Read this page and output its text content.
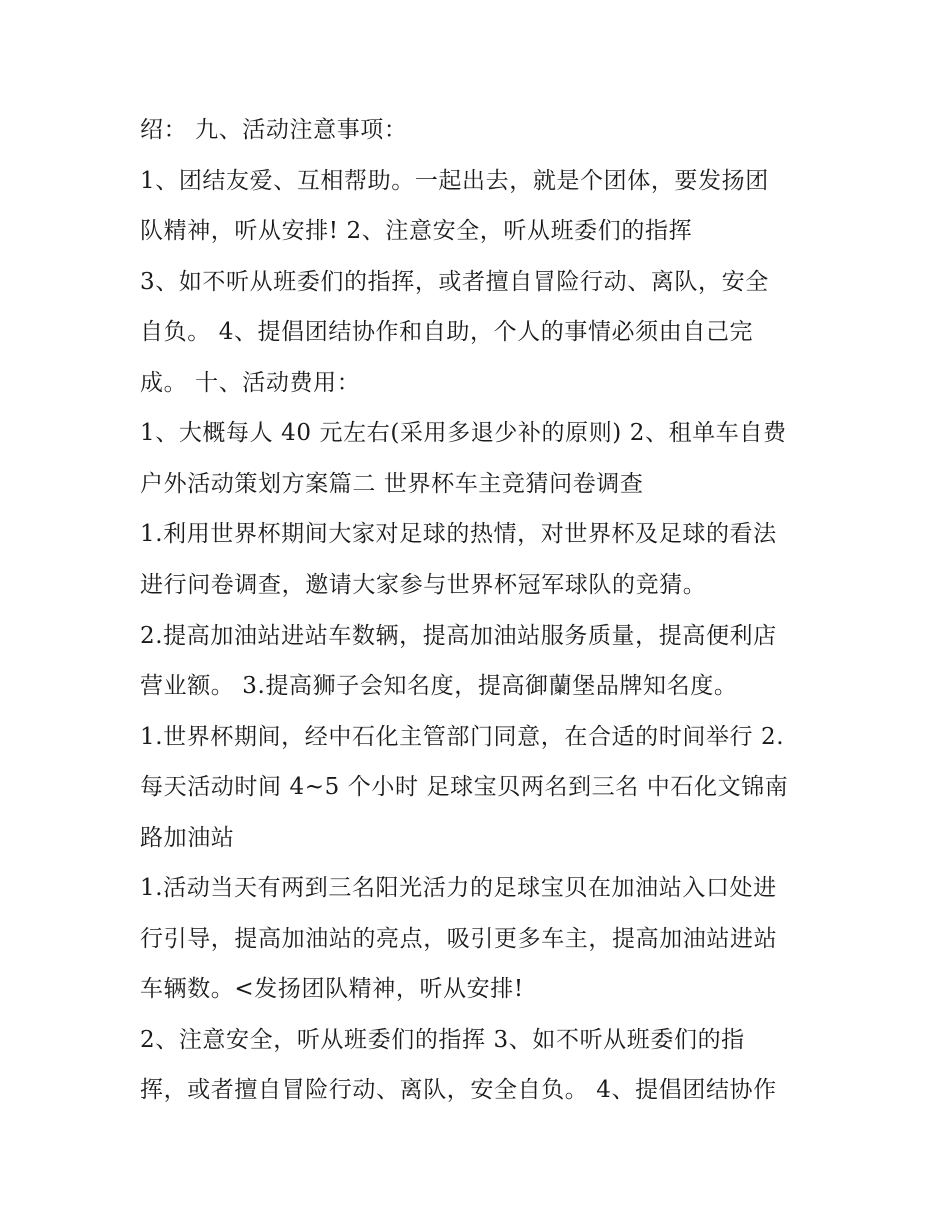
绍： 九、活动注意事项：
1、团结友爱、互相帮助。一起出去，就是个团体，要发扬团
队精神，听从安排! 2、注意安全，听从班委们的指挥
3、如不听从班委们的指挥，或者擅自冒险行动、离队，安全
自负。 4、提倡团结协作和自助，个人的事情必须由自己完
成。 十、活动费用：
1、大概每人 40 元左右(采用多退少补的原则) 2、租单车自费
户外活动策划方案篇二 世界杯车主竞猜问卷调查
1.利用世界杯期间大家对足球的热情，对世界杯及足球的看法
进行问卷调查，邀请大家参与世界杯冠军球队的竞猜。
2.提高加油站进站车数辆，提高加油站服务质量，提高便利店
营业额。 3.提高狮子会知名度，提高御蘭堡品牌知名度。
1.世界杯期间，经中石化主管部门同意，在合适的时间举行 2.
每天活动时间 4~5 个小时 足球宝贝两名到三名 中石化文锦南
路加油站
1.活动当天有两到三名阳光活力的足球宝贝在加油站入口处进
行引导，提高加油站的亮点，吸引更多车主，提高加油站进站
车辆数。<发扬团队精神，听从安排!
2、注意安全，听从班委们的指挥 3、如不听从班委们的指
挥，或者擅自冒险行动、离队，安全自负。 4、提倡团结协作
